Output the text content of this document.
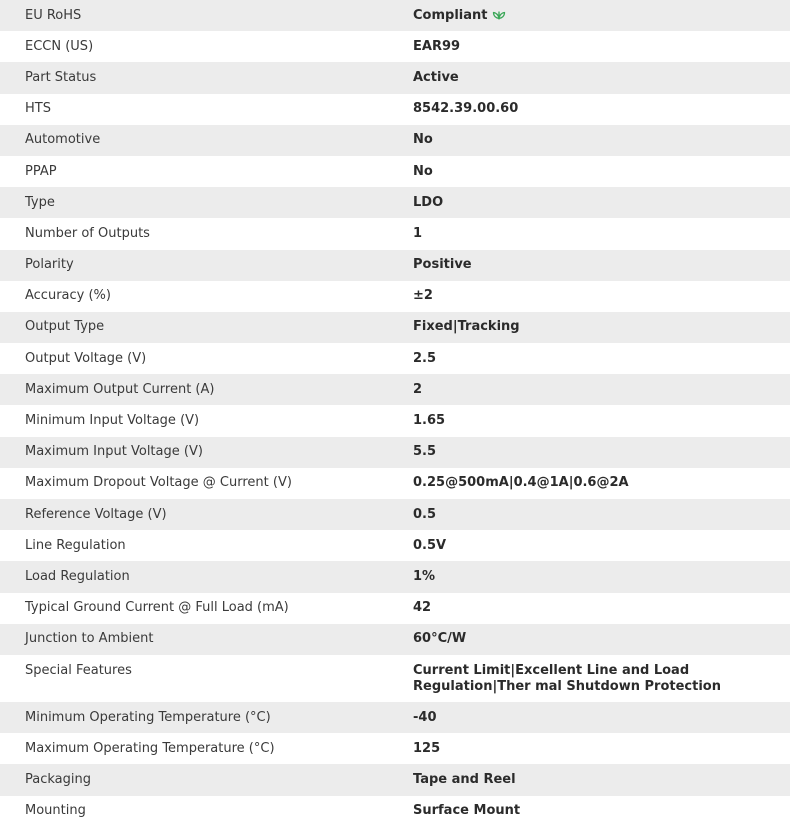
EU RoHS	Compliant
ECCN (US)	EAR99
Part Status	Active
HTS	8542.39.00.60
Automotive	No
PPAP	No
Type	LDO
Number of Outputs	1
Polarity	Positive
Accuracy (%)	±2
Output Type	Fixed|Tracking
Output Voltage (V)	2.5
Maximum Output Current (A)	2
Minimum Input Voltage (V)	1.65
Maximum Input Voltage (V)	5.5
Maximum Dropout Voltage @ Current (V)	0.25@500mA|0.4@1A|0.6@2A
Reference Voltage (V)	0.5
Line Regulation	0.5V
Load Regulation	1%
Typical Ground Current @ Full Load (mA)	42
Junction to Ambient	60°C/W
Special Features	Current Limit|Excellent Line and Load Regulation|Ther mal Shutdown Protection
Minimum Operating Temperature (°C)	-40
Maximum Operating Temperature (°C)	125
Packaging	Tape and Reel
Mounting	Surface Mount
